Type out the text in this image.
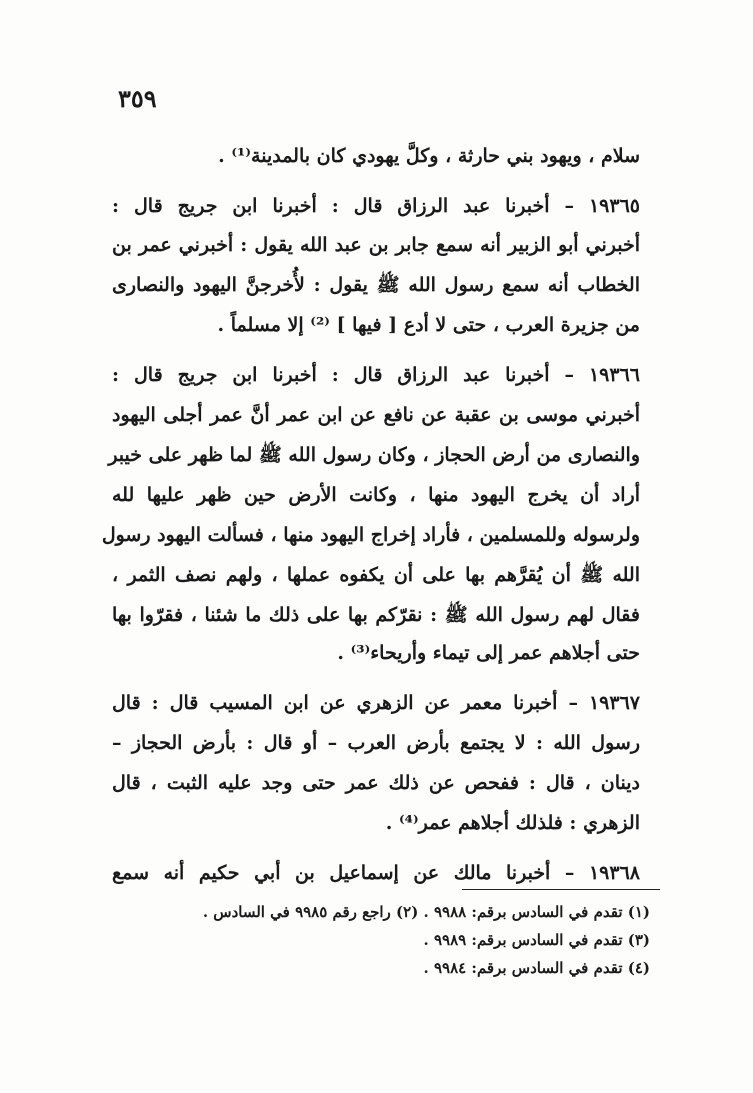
٣٥٩
سلام ، ويهود بني حارثة ، وكلَّ يهودي كان بالمدينة⁽¹⁾ .
١٩٣٦٥ – أخبرنا عبد الرزاق قال : أخبرنا ابن جريج قال :
أخبرني أبو الزبير أنه سمع جابر بن عبد الله يقول : أخبرني عمر بن
الخطاب أنه سمع رسول الله ﷺ يقول : لأُخرجنَّ اليهود والنصارى
من جزيرة العرب ، حتى لا أدع [ فيها ] ⁽²⁾ إلا مسلماً .
١٩٣٦٦ – أخبرنا عبد الرزاق قال : أخبرنا ابن جريج قال :
أخبرني موسى بن عقبة عن نافع عن ابن عمر أنَّ عمر أجلى اليهود
والنصارى من أرض الحجاز ، وكان رسول الله ﷺ لما ظهر على خيبر
أراد أن يخرج اليهود منها ، وكانت الأرض حين ظهر عليها لله
ولرسوله وللمسلمين ، فأراد إخراج اليهود منها ، فسألت اليهود رسول
الله ﷺ أن يُقرَّهم بها على أن يكفوه عملها ، ولهم نصف الثمر ،
فقال لهم رسول الله ﷺ : نقرّكم بها على ذلك ما شئنا ، فقرّوا بها
حتى أجلاهم عمر إلى تيماء وأريحاء⁽³⁾ .
١٩٣٦٧ – أخبرنا معمر عن الزهري عن ابن المسيب قال : قال
رسول الله : لا يجتمع بأرض العرب – أو قال : بأرض الحجاز –
دينان ، قال : ففحص عن ذلك عمر حتى وجد عليه الثبت ، قال
الزهري : فلذلك أجلاهم عمر⁽⁴⁾ .
١٩٣٦٨ – أخبرنا مالك عن إسماعيل بن أبي حكيم أنه سمع
(١) تقدم في السادس برقم: ٩٩٨٨ . (٢) راجع رقم ٩٩٨٥ في السادس .
(٣) تقدم في السادس برقم: ٩٩٨٩ .
(٤) تقدم في السادس برقم: ٩٩٨٤ .
